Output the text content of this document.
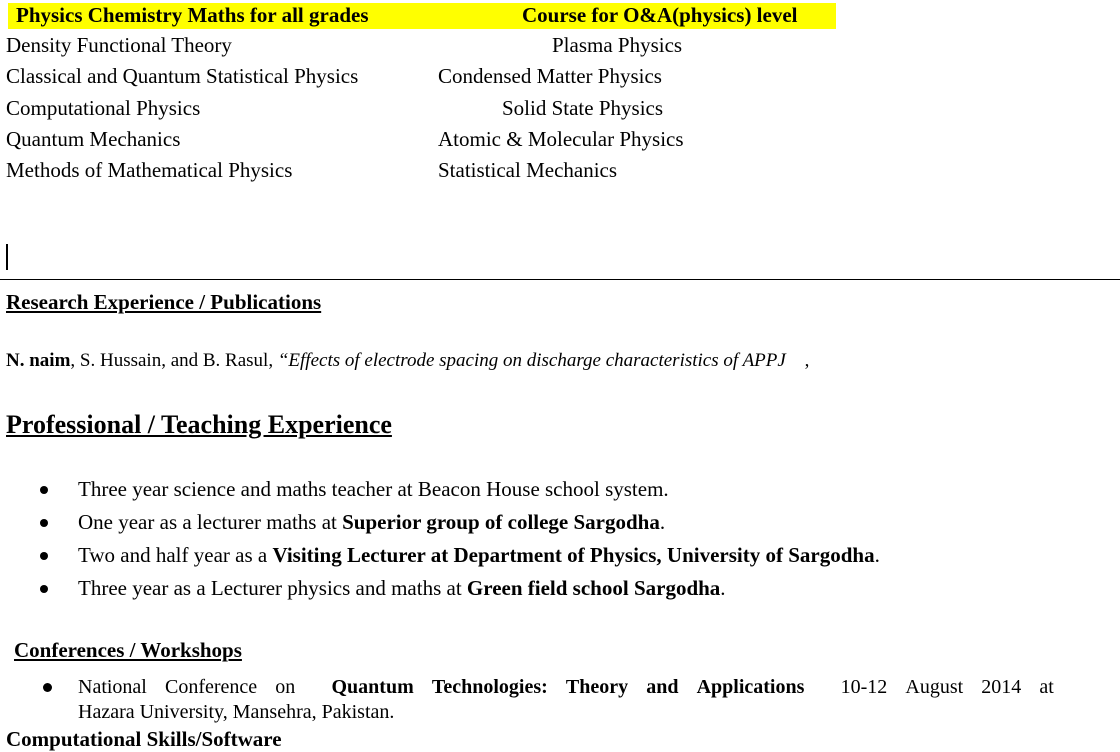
Physics Chemistry Maths for all grades	Course for O&A(physics) level
Density Functional Theory
Classical and Quantum Statistical Physics
Computational Physics
Quantum Mechanics
Methods of Mathematical Physics
Plasma Physics
Condensed Matter Physics
Solid State Physics
Atomic & Molecular Physics
Statistical Mechanics
Research Experience / Publications
N. naim, S. Hussain, and B. Rasul, “Effects of electrode spacing on discharge characteristics of APPJ ,
Professional / Teaching Experience
Three year science and maths teacher at Beacon House school system.
One year as a lecturer maths at Superior group of college Sargodha.
Two and half year as a Visiting Lecturer at Department of Physics, University of Sargodha.
Three year as a Lecturer physics and maths at Green field school Sargodha.
Conferences / Workshops
National Conference on Quantum Technologies: Theory and Applications 10-12 August 2014 at
Hazara University, Mansehra, Pakistan.
Computational Skills/Software
